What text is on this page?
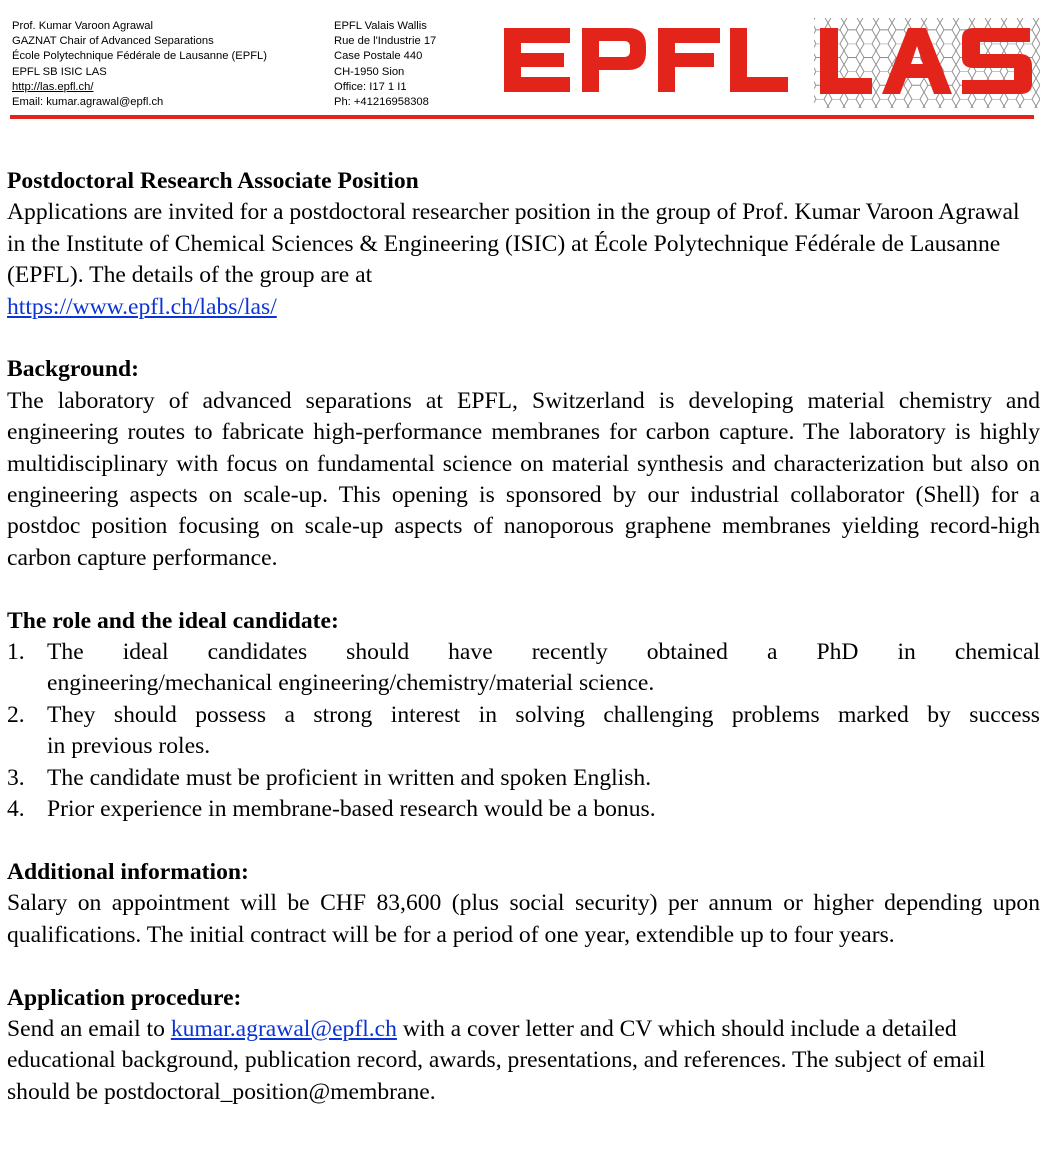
Prof. Kumar Varoon Agrawal
GAZNAT Chair of Advanced Separations
École Polytechnique Fédérale de Lausanne (EPFL)
EPFL SB ISIC LAS
http://las.epfl.ch/
Email: kumar.agrawal@epfl.ch
EPFL Valais Wallis
Rue de l'Industrie 17
Case Postale 440
CH-1950 Sion
Office: I17 1 I1
Ph: +41216958308

Postdoctoral Research Associate Position

Applications are invited for a postdoctoral researcher position in the group of Prof. Kumar Varoon Agrawal in the Institute of Chemical Sciences & Engineering (ISIC) at École Polytechnique Fédérale de Lausanne (EPFL). The details of the group are at
https://www.epfl.ch/labs/las/

Background:

The laboratory of advanced separations at EPFL, Switzerland is developing material chemistry and engineering routes to fabricate high-performance membranes for carbon capture. The laboratory is highly multidisciplinary with focus on fundamental science on material synthesis and characterization but also on engineering aspects on scale-up. This opening is sponsored by our industrial collaborator (Shell) for a postdoc position focusing on scale-up aspects of nanoporous graphene membranes yielding record-high carbon capture performance.

The role and the ideal candidate:

1. The ideal candidates should have recently obtained a PhD in chemical
engineering/mechanical engineering/chemistry/material science.
2. They should possess a strong interest in solving challenging problems marked by success
in previous roles.
3. The candidate must be proficient in written and spoken English.
4. Prior experience in membrane-based research would be a bonus.

Additional information:

Salary on appointment will be CHF 83,600 (plus social security) per annum or higher depending upon qualifications. The initial contract will be for a period of one year, extendible up to four years.

Application procedure:

Send an email to kumar.agrawal@epfl.ch with a cover letter and CV which should include a detailed educational background, publication record, awards, presentations, and references. The subject of email should be postdoctoral_position@membrane.
